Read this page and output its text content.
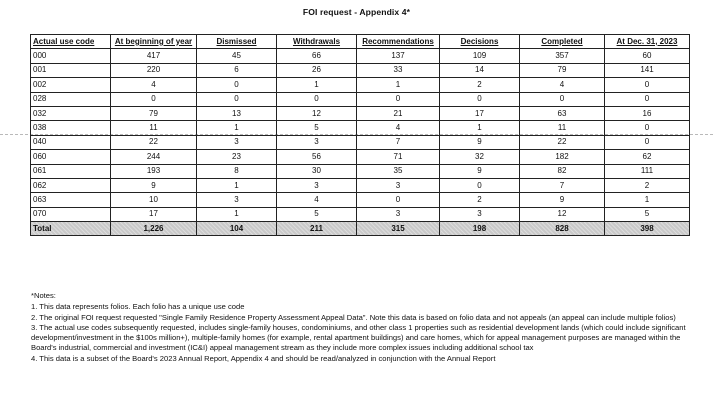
FOI request - Appendix 4*
Actual use code	At beginning of year	Dismissed	Withdrawals	Recommendations	Decisions	Completed	At Dec. 31, 2023
000	417	45	66	137	109	357	60
001	220	6	26	33	14	79	141
002	4	0	1	1	2	4	0
028	0	0	0	0	0	0	0
032	79	13	12	21	17	63	16
038	11	1	5	4	1	11	0
040	22	3	3	7	9	22	0
060	244	23	56	71	32	182	62
061	193	8	30	35	9	82	111
062	9	1	3	3	0	7	2
063	10	3	4	0	2	9	1
070	17	1	5	3	3	12	5
Total	1,226	104	211	315	198	828	398

*Notes:

1. This data represents folios. Each folio has a unique use code

2. The original FOI request requested "Single Family Residence Property Assessment Appeal Data". Note this data is based on folio data and not appeals (an appeal can include multiple folios)

3. The actual use codes subsequently requested, includes single-family houses, condominiums, and other class 1 properties such as residential development lands (which could include significant development/investment in the $100s million+), multiple-family homes (for example, rental apartment buildings) and care homes, which for appeal management purposes are managed within the Board's industrial, commercial and investment (IC&I) appeal management stream as they include more complex issues including additional school tax

4. This data is a subset of the Board's 2023 Annual Report, Appendix 4 and should be read/analyzed in conjunction with the Annual Report
